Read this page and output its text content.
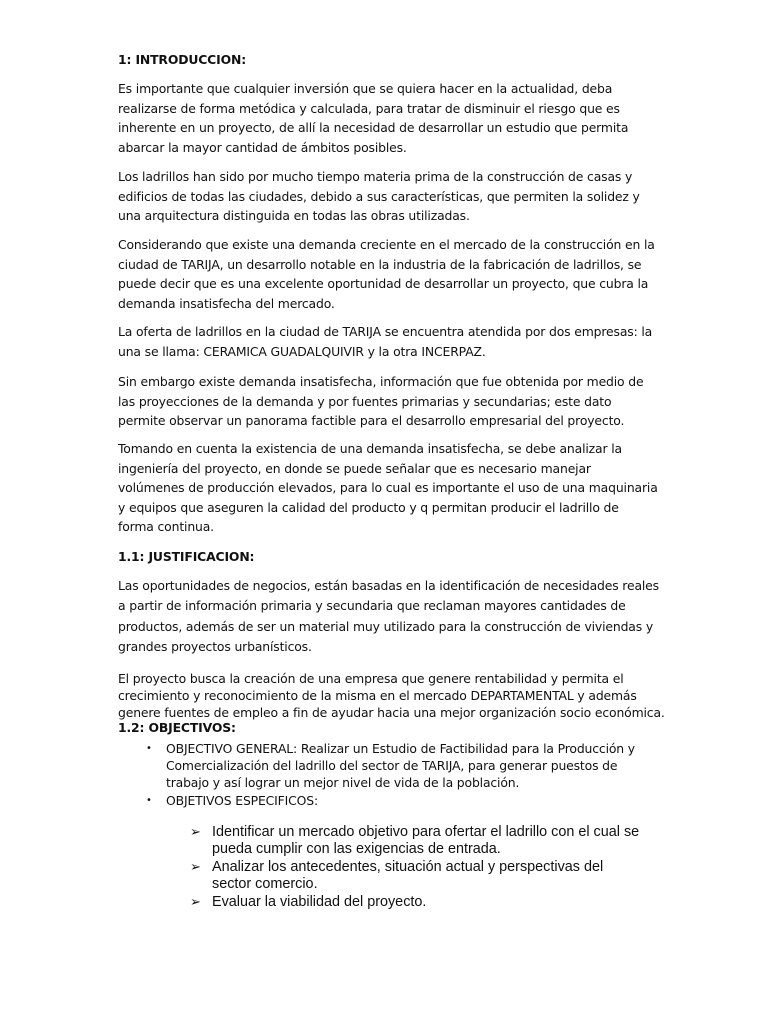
1: INTRODUCCION:

Es importante que cualquier inversión que se quiera hacer en la actualidad, deba
realizarse de forma metódica y calculada, para tratar de disminuir el riesgo que es
inherente en un proyecto, de allí la necesidad de desarrollar un estudio que permita
abarcar la mayor cantidad de ámbitos posibles.

Los ladrillos han sido por mucho tiempo materia prima de la construcción de casas y
edificios de todas las ciudades, debido a sus características, que permiten la solidez y
una arquitectura distinguida en todas las obras utilizadas.

Considerando que existe una demanda creciente en el mercado de la construcción en la
ciudad de TARIJA, un desarrollo notable en la industria de la fabricación de ladrillos, se
puede decir que es una excelente oportunidad de desarrollar un proyecto, que cubra la
demanda insatisfecha del mercado.

La oferta de ladrillos en la ciudad de TARIJA se encuentra atendida por dos empresas: la
una se llama: CERAMICA GUADALQUIVIR y la otra INCERPAZ.

Sin embargo existe demanda insatisfecha, información que fue obtenida por medio de
las proyecciones de la demanda y por fuentes primarias y secundarias; este dato
permite observar un panorama factible para el desarrollo empresarial del proyecto.

Tomando en cuenta la existencia de una demanda insatisfecha, se debe analizar la
ingeniería del proyecto, en donde se puede señalar que es necesario manejar
volúmenes de producción elevados, para lo cual es importante el uso de una maquinaria
y equipos que aseguren la calidad del producto y q permitan producir el ladrillo de
forma continua.

1.1: JUSTIFICACION:

Las oportunidades de negocios, están basadas en la identificación de necesidades reales
a partir de información primaria y secundaria que reclaman mayores cantidades de
productos, además de ser un material muy utilizado para la construcción de viviendas y
grandes proyectos urbanísticos.

El proyecto busca la creación de una empresa que genere rentabilidad y permita el
crecimiento y reconocimiento de la misma en el mercado DEPARTAMENTAL y además
genere fuentes de empleo a fin de ayudar hacia una mejor organización socio económica.

1.2: OBJECTIVOS:
• OBJECTIVO GENERAL: Realizar un Estudio de Factibilidad para la Producción y
Comercialización del ladrillo del sector de TARIJA, para generar puestos de
trabajo y así lograr un mejor nivel de vida de la población.
• OBJETIVOS ESPECIFICOS:
➢ Identificar un mercado objetivo para ofertar el ladrillo con el cual se
pueda cumplir con las exigencias de entrada.
➢ Analizar los antecedentes, situación actual y perspectivas del
sector comercio.
➢ Evaluar la viabilidad del proyecto.
